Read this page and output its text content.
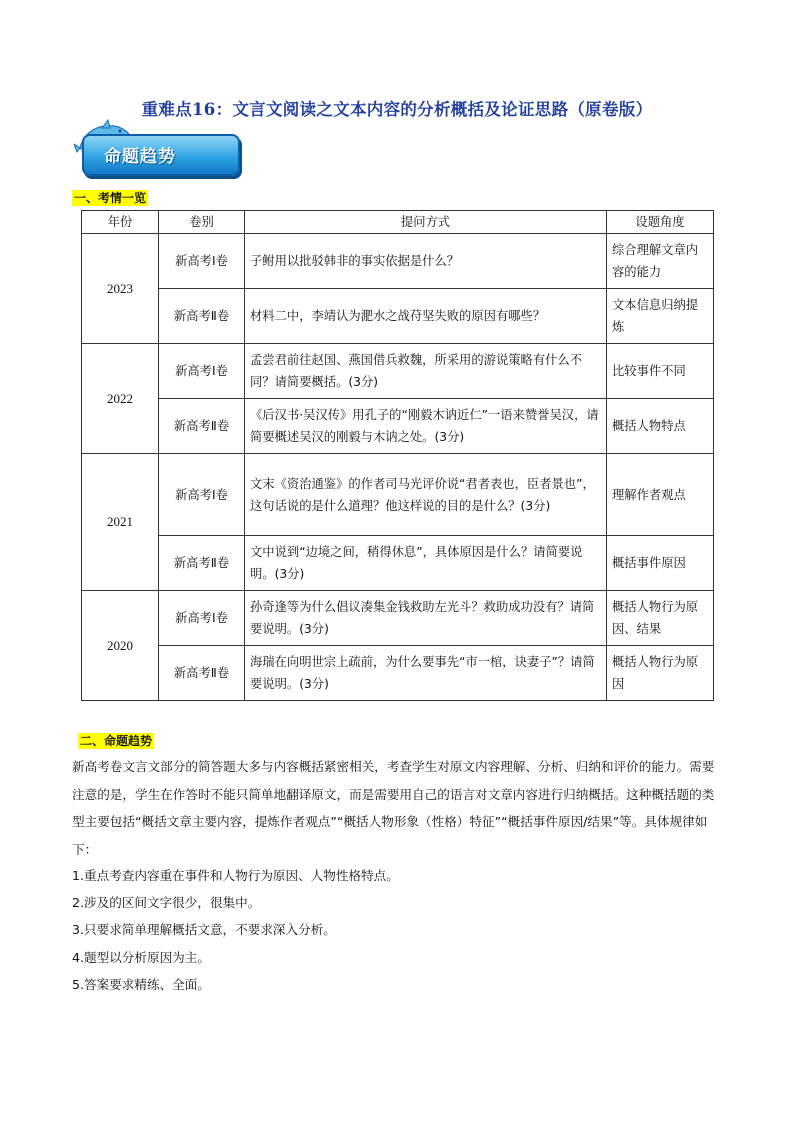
重难点16：文言文阅读之文本内容的分析概括及论证思路（原卷版）
命题趋势
一、考情一览
年份	卷别	提问方式	设题角度
2023	新高考Ⅰ卷	子鲋用以批驳韩非的事实依据是什么？	综合理解文章内容的能力
	新高考Ⅱ卷	材料二中，李靖认为淝水之战苻坚失败的原因有哪些？	文本信息归纳提炼
2022	新高考Ⅰ卷	孟尝君前往赵国、燕国借兵救魏，所采用的游说策略有什么不同？请简要概括。(3分)	比较事件不同
	新高考Ⅱ卷	《后汉书·吴汉传》用孔子的“刚毅木讷近仁”一语来赞誉吴汉，请简要概述吴汉的刚毅与木讷之处。(3分)	概括人物特点
2021	新高考Ⅰ卷	文末《资治通鉴》的作者司马光评价说“君者表也，臣者景也”，这句话说的是什么道理？他这样说的目的是什么？(3分)	理解作者观点
	新高考Ⅱ卷	文中说到“边境之间，稍得休息”，具体原因是什么？请简要说明。(3分)	概括事件原因
2020	新高考Ⅰ卷	孙奇逢等为什么倡议凑集金钱救助左光斗？救助成功没有？请简要说明。(3分)	概括人物行为原因、结果
	新高考Ⅱ卷	海瑞在向明世宗上疏前，为什么要事先“市一棺，诀妻子”？请简要说明。(3分)	概括人物行为原因
二、命题趋势

新高考卷文言文部分的简答题大多与内容概括紧密相关，考查学生对原文内容理解、分析、归纳和评价的能力。需要注意的是，学生在作答时不能只简单地翻译原文，而是需要用自己的语言对文章内容进行归纳概括。这种概括题的类型主要包括“概括文章主要内容，提炼作者观点”“概括人物形象（性格）特征”“概括事件原因/结果”等。具体规律如下：

1.重点考查内容重在事件和人物行为原因、人物性格特点。
2.涉及的区间文字很少，很集中。
3.只要求简单理解概括文意，不要求深入分析。
4.题型以分析原因为主。
5.答案要求精练、全面。
